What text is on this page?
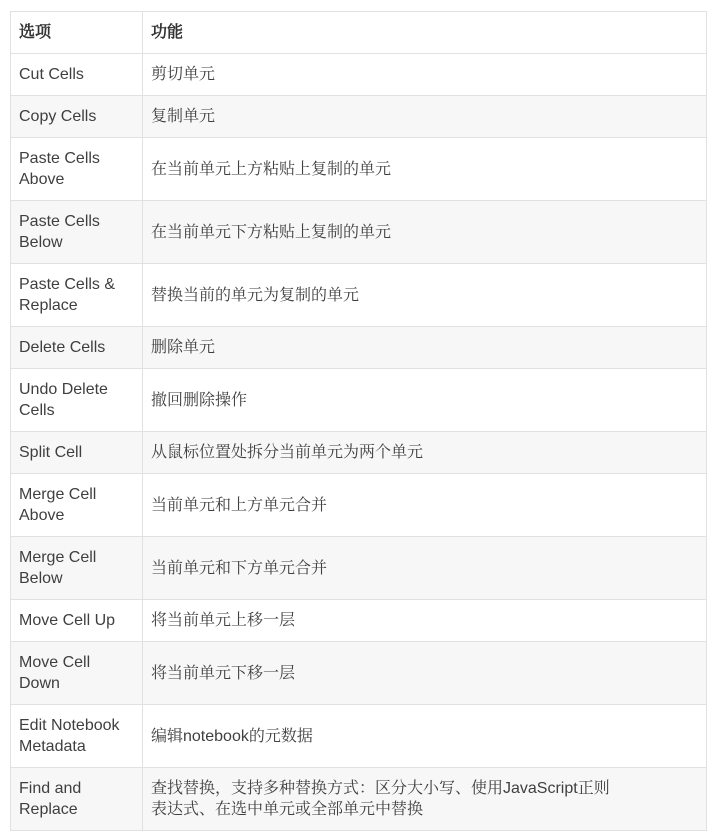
选项	功能
Cut Cells	剪切单元
Copy Cells	复制单元
Paste Cells Above	在当前单元上方粘贴上复制的单元
Paste Cells Below	在当前单元下方粘贴上复制的单元
Paste Cells & Replace	替换当前的单元为复制的单元
Delete Cells	删除单元
Undo Delete Cells	撤回删除操作
Split Cell	从鼠标位置处拆分当前单元为两个单元
Merge Cell Above	当前单元和上方单元合并
Merge Cell Below	当前单元和下方单元合并
Move Cell Up	将当前单元上移一层
Move Cell Down	将当前单元下移一层
Edit Notebook Metadata	编辑notebook的元数据
Find and Replace	查找替换，支持多种替换方式：区分大小写、使用JavaScript正则表达式、在选中单元或全部单元中替换
